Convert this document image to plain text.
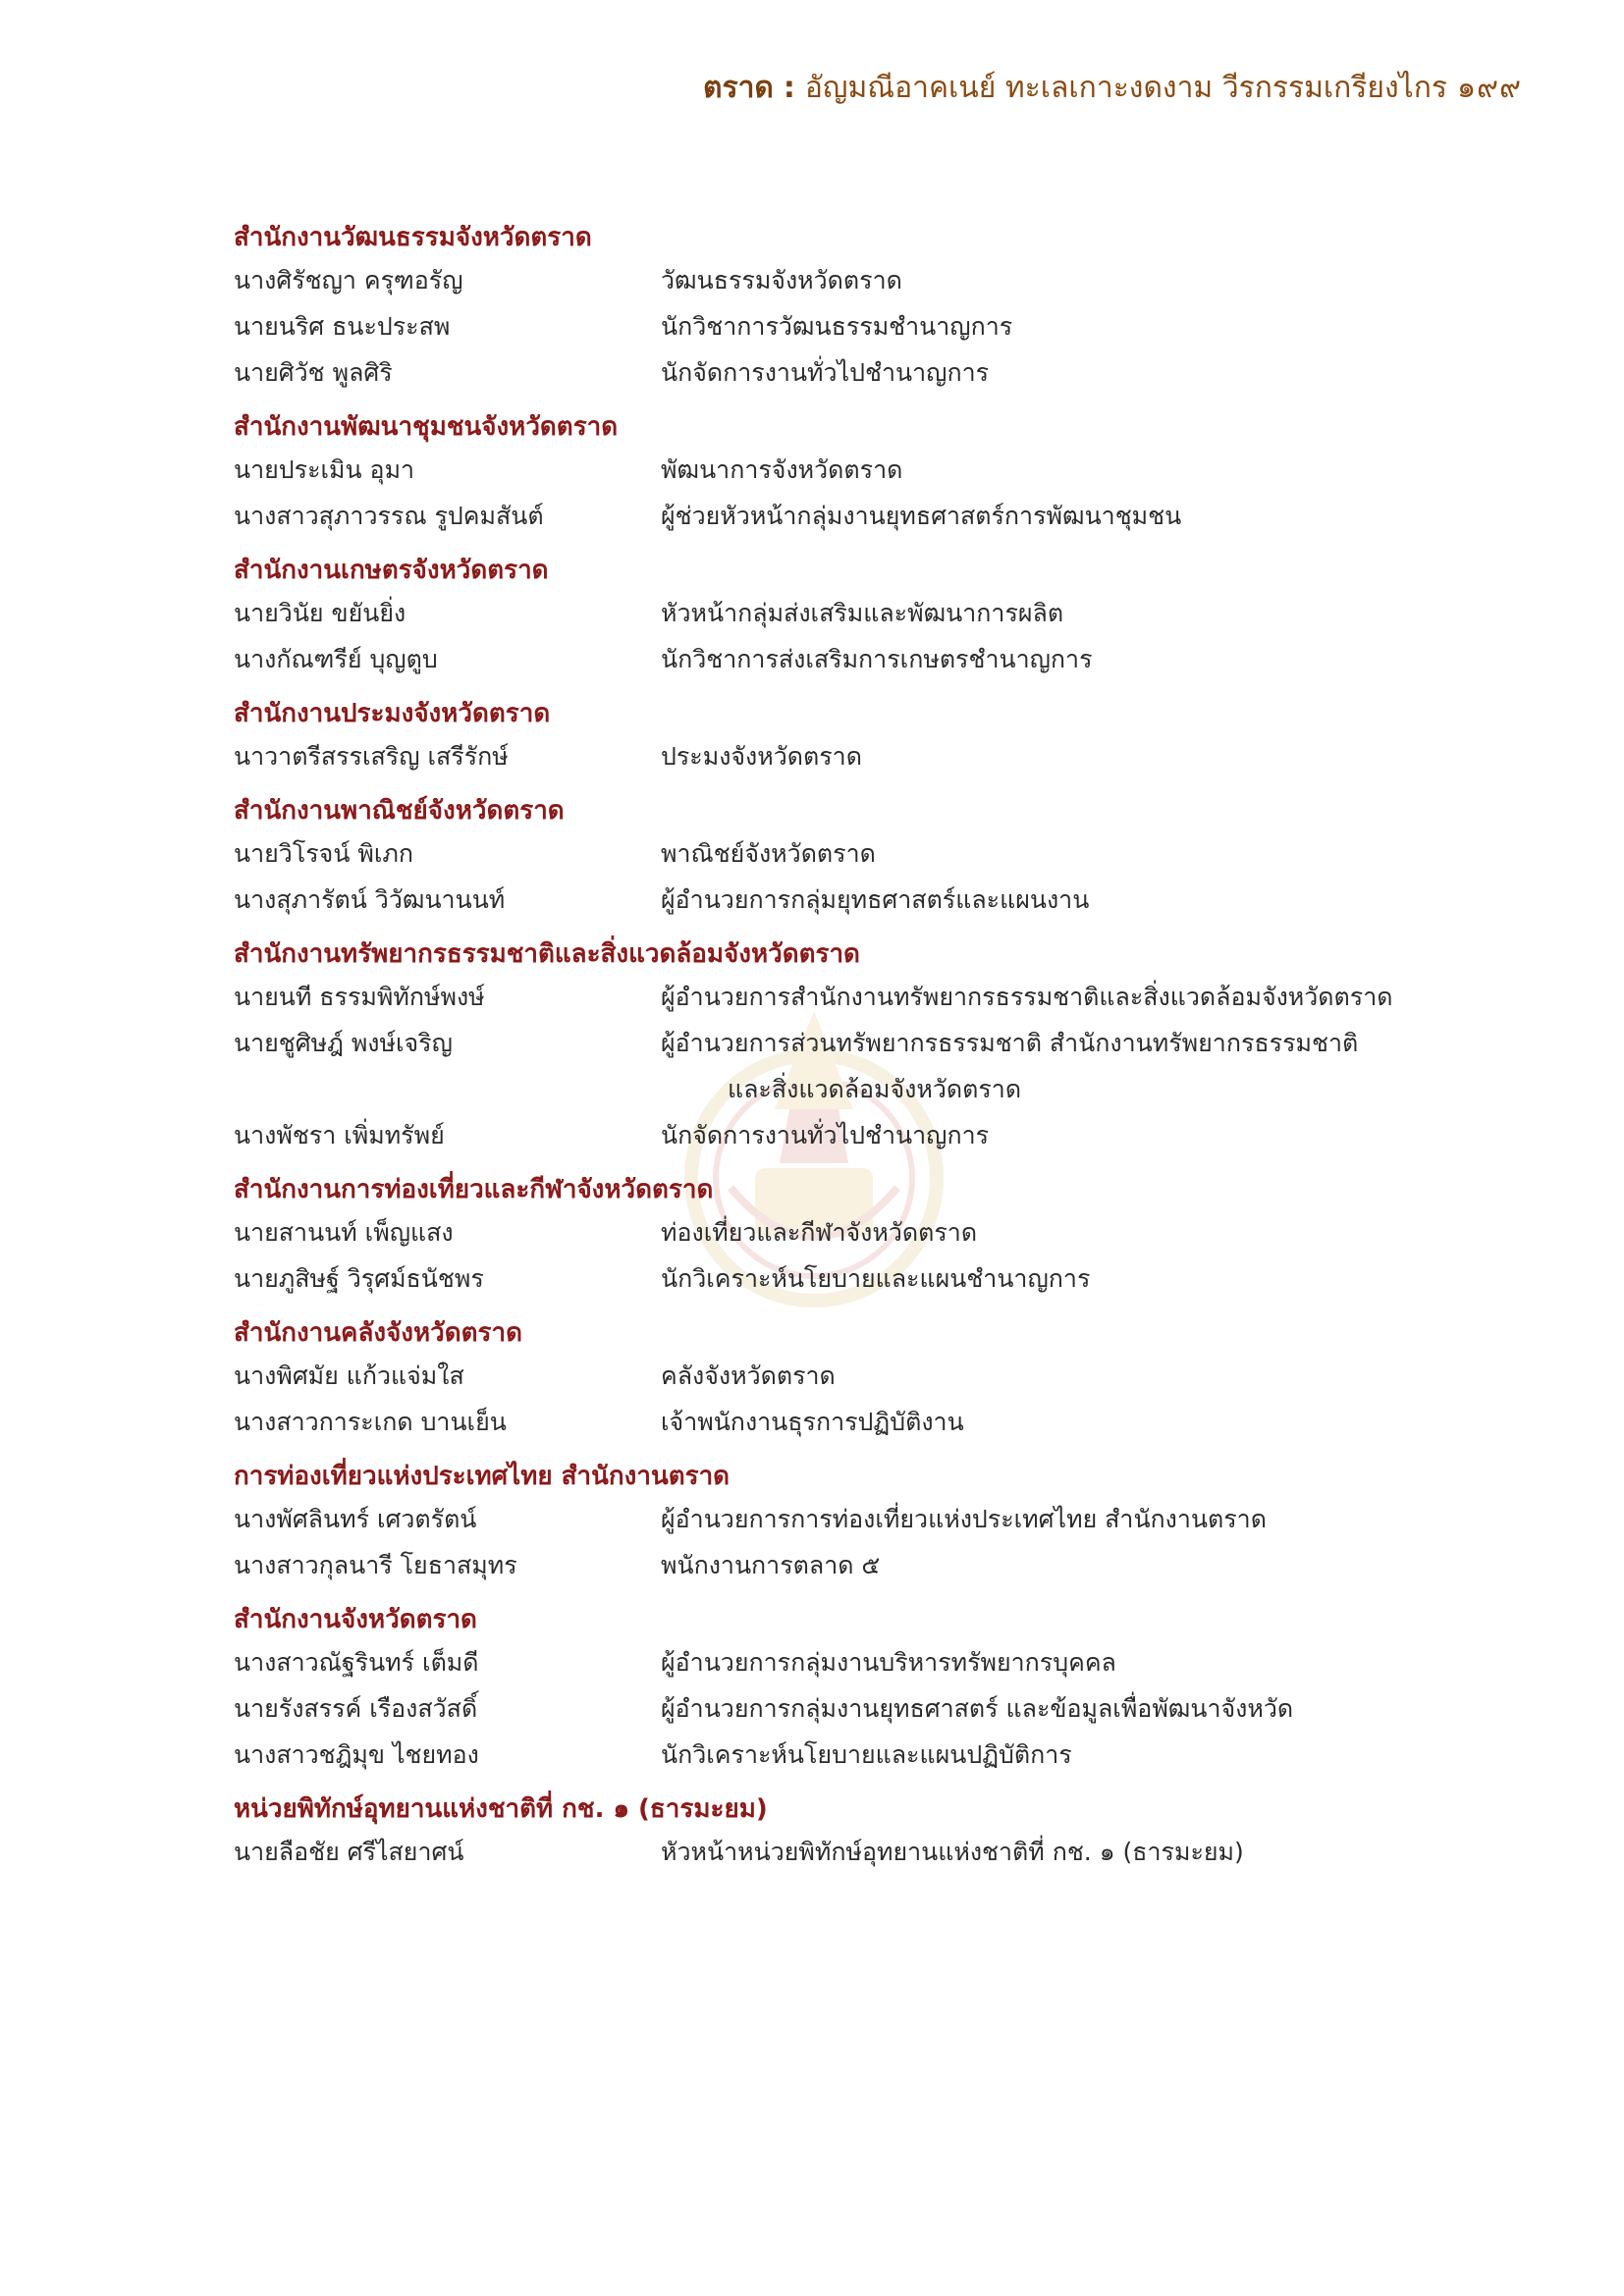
ตราด : อัญมณีอาคเนย์ ทะเลเกาะงดงาม วีรกรรมเกรียงไกร ๑๙๙
สำนักงานวัฒนธรรมจังหวัดตราด
นางศิรัชญา ครุฑอรัญ	วัฒนธรรมจังหวัดตราด
นายนริศ ธนะประสพ	นักวิชาการวัฒนธรรมชำนาญการ
นายศิวัช พูลศิริ	นักจัดการงานทั่วไปชำนาญการ
สำนักงานพัฒนาชุมชนจังหวัดตราด
นายประเมิน อุมา	พัฒนาการจังหวัดตราด
นางสาวสุภาวรรณ รูปคมสันต์	ผู้ช่วยหัวหน้ากลุ่มงานยุทธศาสตร์การพัฒนาชุมชน
สำนักงานเกษตรจังหวัดตราด
นายวินัย ขยันยิ่ง	หัวหน้ากลุ่มส่งเสริมและพัฒนาการผลิต
นางกัณฑรีย์ บุญตูบ	นักวิชาการส่งเสริมการเกษตรชำนาญการ
สำนักงานประมงจังหวัดตราด
นาวาตรีสรรเสริญ เสรีรักษ์	ประมงจังหวัดตราด
สำนักงานพาณิชย์จังหวัดตราด
นายวิโรจน์ พิเภก	พาณิชย์จังหวัดตราด
นางสุภารัตน์ วิวัฒนานนท์	ผู้อำนวยการกลุ่มยุทธศาสตร์และแผนงาน
สำนักงานทรัพยากรธรรมชาติและสิ่งแวดล้อมจังหวัดตราด
นายนที ธรรมพิทักษ์พงษ์	ผู้อำนวยการสำนักงานทรัพยากรธรรมชาติและสิ่งแวดล้อมจังหวัดตราด
นายชูศิษฎ์ พงษ์เจริญ	ผู้อำนวยการส่วนทรัพยากรธรรมชาติ สำนักงานทรัพยากรธรรมชาติ
และสิ่งแวดล้อมจังหวัดตราด
นางพัชรา เพิ่มทรัพย์	นักจัดการงานทั่วไปชำนาญการ
สำนักงานการท่องเที่ยวและกีฬาจังหวัดตราด
นายสานนท์ เพ็ญแสง	ท่องเที่ยวและกีฬาจังหวัดตราด
นายภูสิษฐ์ วิรุศม์ธนัชพร	นักวิเคราะห์นโยบายและแผนชำนาญการ
สำนักงานคลังจังหวัดตราด
นางพิศมัย แก้วแจ่มใส	คลังจังหวัดตราด
นางสาวการะเกด บานเย็น	เจ้าพนักงานธุรการปฏิบัติงาน
การท่องเที่ยวแห่งประเทศไทย สำนักงานตราด
นางพัศลินทร์ เศวตรัตน์	ผู้อำนวยการการท่องเที่ยวแห่งประเทศไทย สำนักงานตราด
นางสาวกุลนารี โยธาสมุทร	พนักงานการตลาด ๕
สำนักงานจังหวัดตราด
นางสาวณัฐรินทร์ เต็มดี	ผู้อำนวยการกลุ่มงานบริหารทรัพยากรบุคคล
นายรังสรรค์ เรืองสวัสดิ์	ผู้อำนวยการกลุ่มงานยุทธศาสตร์ และข้อมูลเพื่อพัฒนาจังหวัด
นางสาวชฎิมุข ไชยทอง	นักวิเคราะห์นโยบายและแผนปฏิบัติการ
หน่วยพิทักษ์อุทยานแห่งชาติที่ กช. ๑ (ธารมะยม)
นายลือชัย ศรีไสยาศน์	หัวหน้าหน่วยพิทักษ์อุทยานแห่งชาติที่ กช. ๑ (ธารมะยม)
